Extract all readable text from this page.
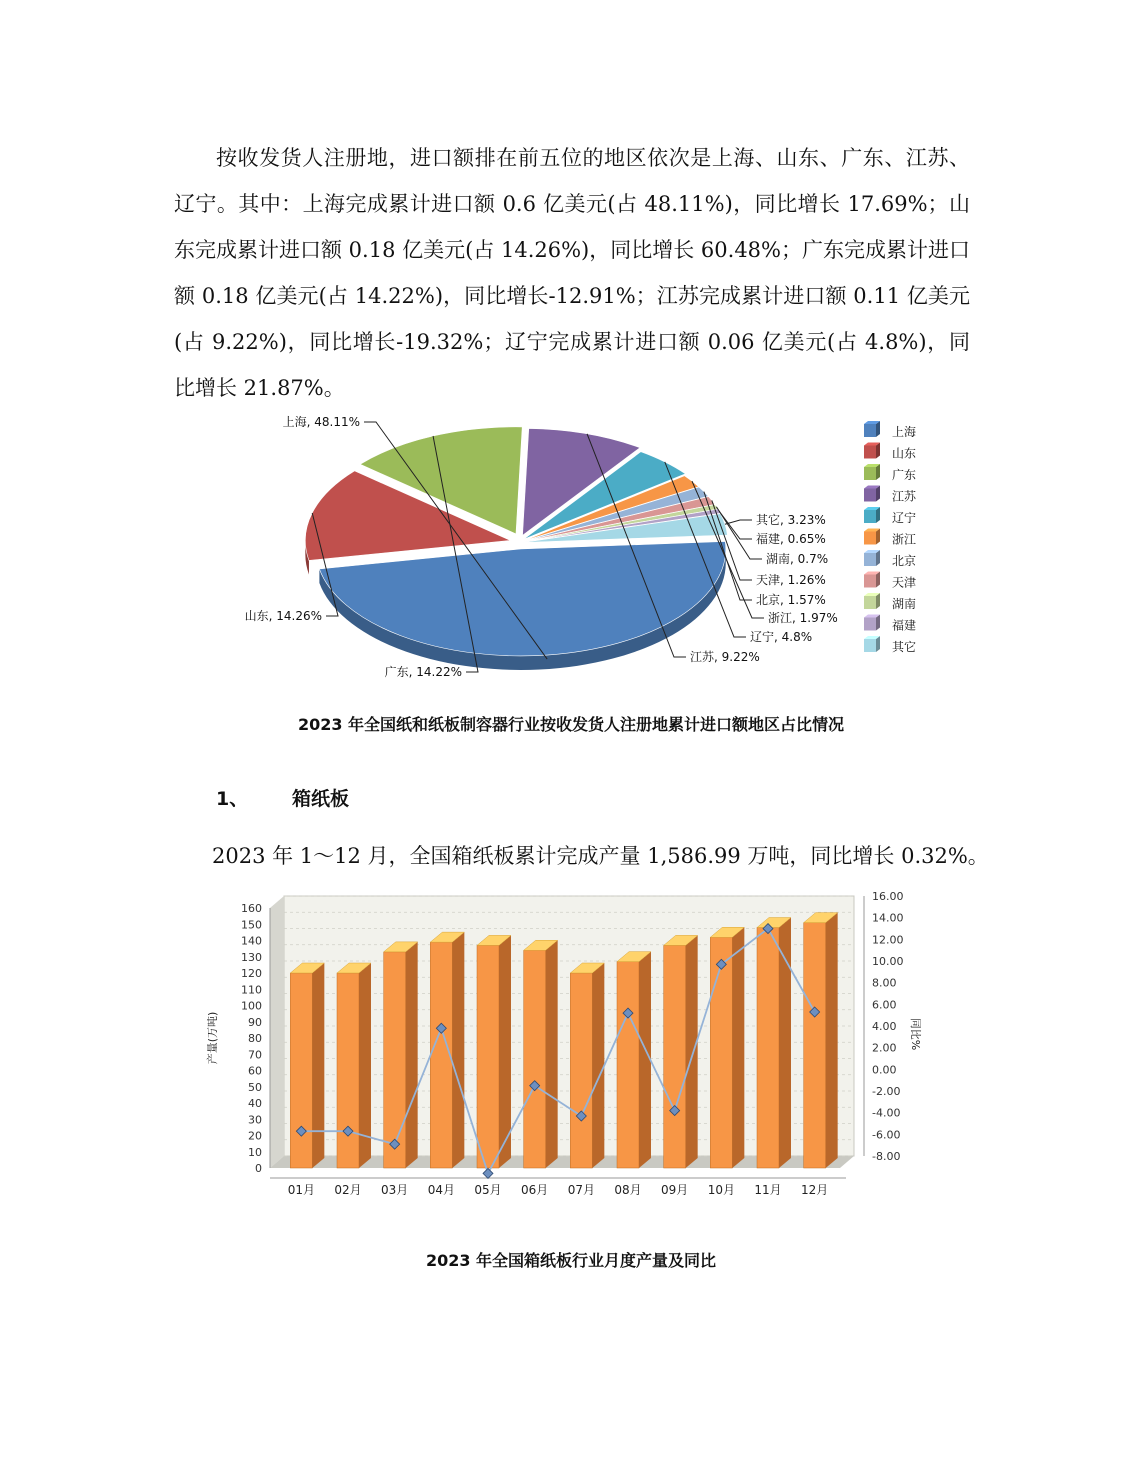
按收发货人注册地，进口额排在前五位的地区依次是上海、山东、广东、江苏、辽宁。其中：上海完成累计进口额 0.6 亿美元(占 48.11%)，同比增长 17.69%；山东完成累计进口额 0.18 亿美元(占 14.26%)，同比增长 60.48%；广东完成累计进口额 0.18 亿美元(占 14.22%)，同比增长-12.91%；江苏完成累计进口额 0.11 亿美元(占 9.22%)，同比增长-19.32%；辽宁完成累计进口额 0.06 亿美元(占 4.8%)，同比增长 21.87%。

上海, 48.11%
山东, 14.26%
广东, 14.22%
江苏, 9.22%
辽宁, 4.8%
浙江, 1.97%
北京, 1.57%
天津, 1.26%
湖南, 0.7%
福建, 0.65%
其它, 3.23%
上海
山东
广东
江苏
辽宁
浙江
北京
天津
湖南
福建
其它
2023 年全国纸和纸板制容器行业按收发货人注册地累计进口额地区占比情况
1、 箱纸板

2023 年 1～12 月，全国箱纸板累计完成产量 1,586.99 万吨，同比增长 0.32%。

0
10
20
30
40
50
60
70
80
90
100
110
120
130
140
150
160
-8.00
-6.00
-4.00
-2.00
0.00
2.00
4.00
6.00
8.00
10.00
12.00
14.00
16.00
产量(万吨)	同比%
01月 02月 03月 04月 05月 06月 07月 08月 09月 10月 11月 12月
2023 年全国箱纸板行业月度产量及同比
